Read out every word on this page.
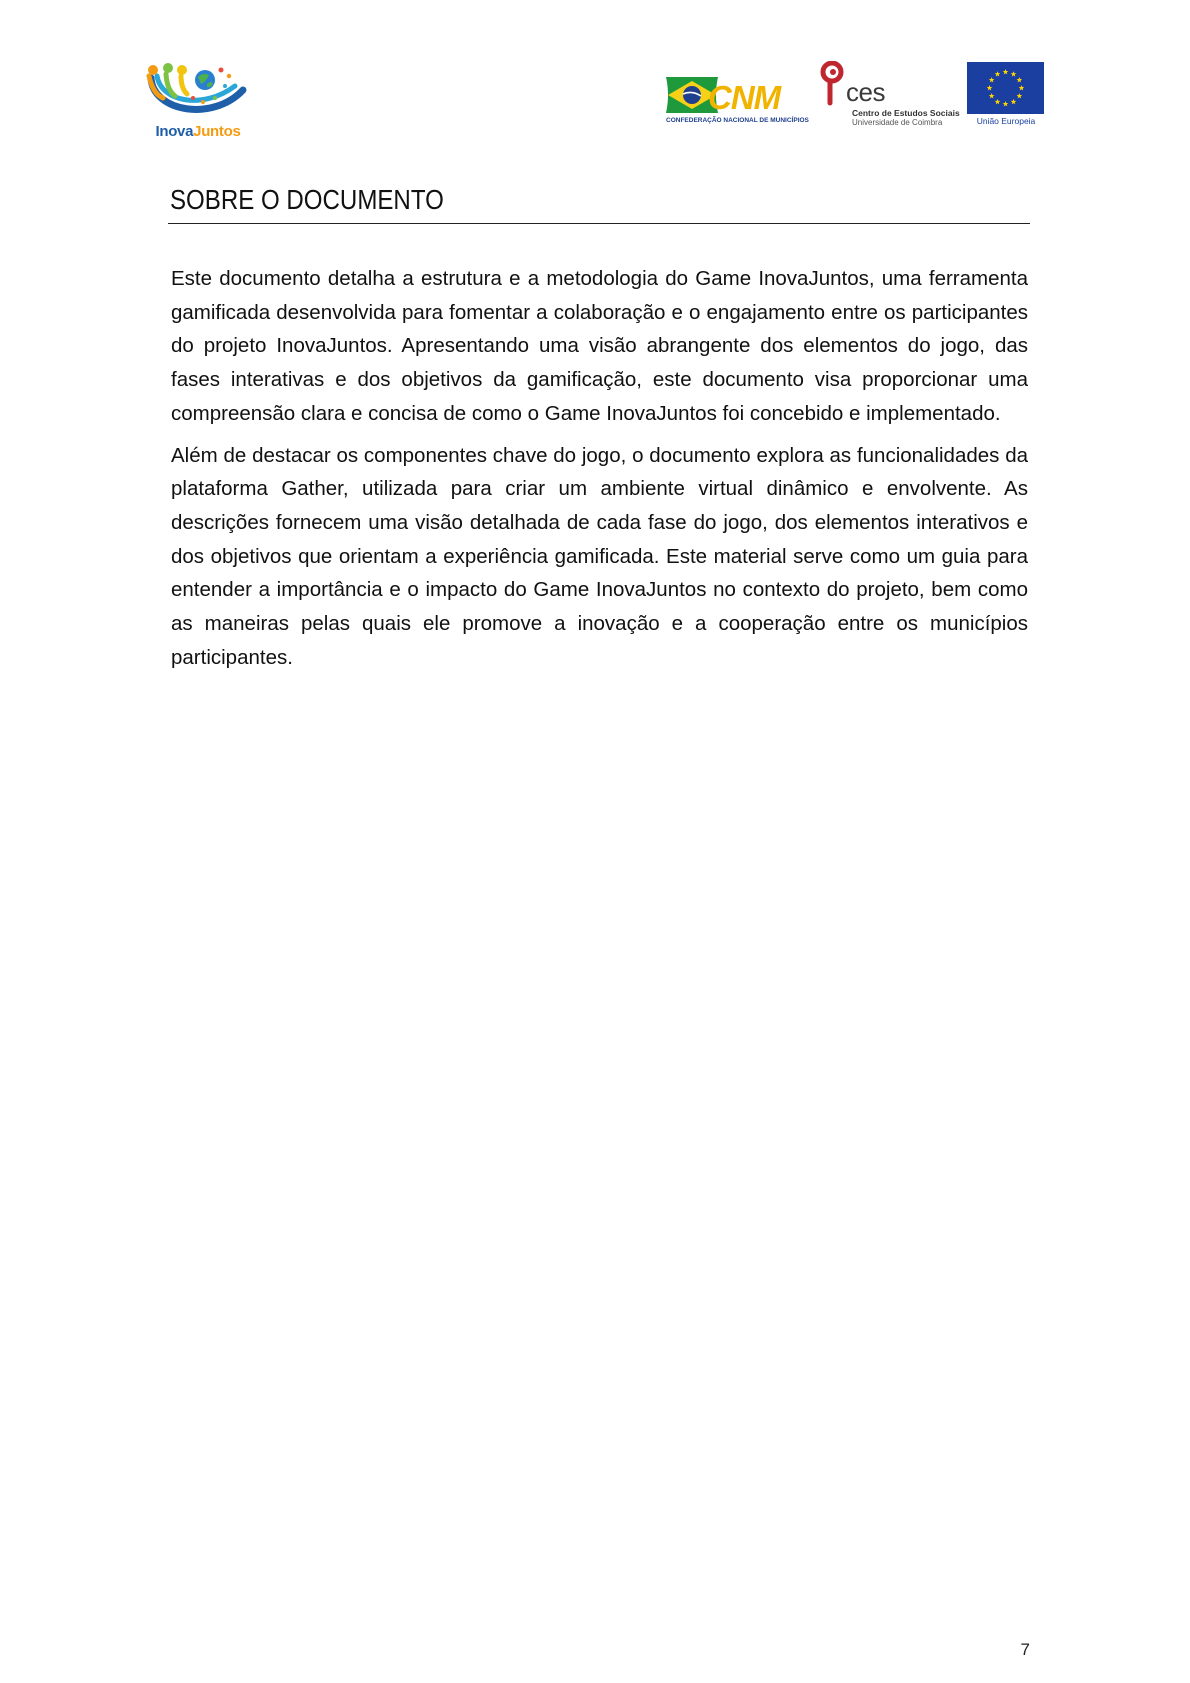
InovaJuntos
CNM
CONFEDERAÇÃO NACIONAL DE MUNICÍPIOS
ces
Centro de Estudos Sociais
Universidade de Coimbra	União Europeia
SOBRE O DOCUMENTO

Este documento detalha a estrutura e a metodologia do Game InovaJuntos, uma ferramenta gamificada desenvolvida para fomentar a colaboração e o engajamento entre os participantes do projeto InovaJuntos. Apresentando uma visão abrangente dos elementos do jogo, das fases interativas e dos objetivos da gamificação, este documento visa proporcionar uma compreensão clara e concisa de como o Game InovaJuntos foi concebido e implementado.

Além de destacar os componentes chave do jogo, o documento explora as funcionalidades da plataforma Gather, utilizada para criar um ambiente virtual dinâmico e envolvente. As descrições fornecem uma visão detalhada de cada fase do jogo, dos elementos interativos e dos objetivos que orientam a experiência gamificada. Este material serve como um guia para entender a importância e o impacto do Game InovaJuntos no contexto do projeto, bem como as maneiras pelas quais ele promove a inovação e a cooperação entre os municípios participantes.

7
